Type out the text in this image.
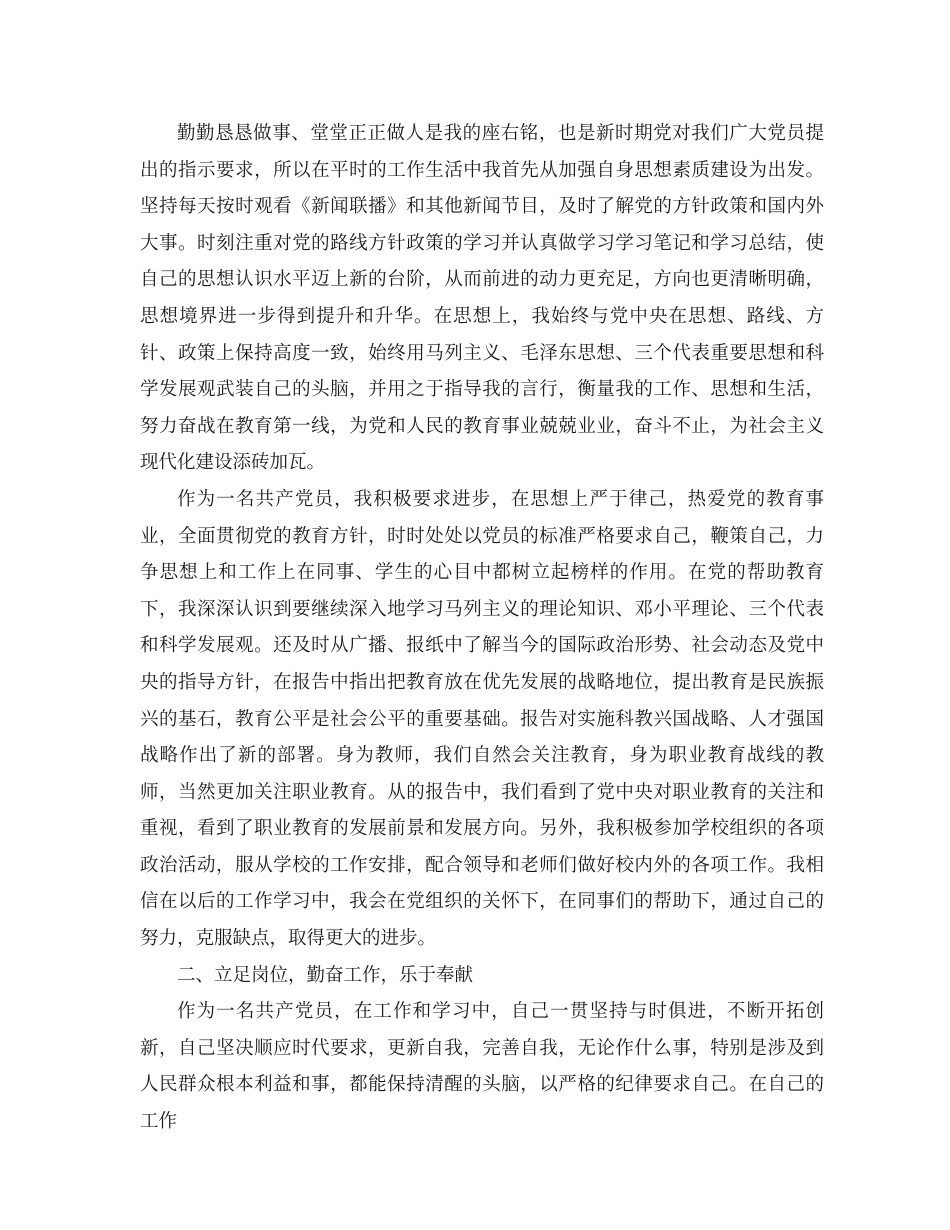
勤勤恳恳做事、堂堂正正做人是我的座右铭，也是新时期党对我们广大党员提出的指示要求，所以在平时的工作生活中我首先从加强自身思想素质建设为出发。坚持每天按时观看《新闻联播》和其他新闻节目，及时了解党的方针政策和国内外大事。时刻注重对党的路线方针政策的学习并认真做学习学习笔记和学习总结，使自己的思想认识水平迈上新的台阶，从而前进的动力更充足，方向也更清晰明确，思想境界进一步得到提升和升华。在思想上，我始终与党中央在思想、路线、方针、政策上保持高度一致，始终用马列主义、毛泽东思想、三个代表重要思想和科学发展观武装自己的头脑，并用之于指导我的言行，衡量我的工作、思想和生活，努力奋战在教育第一线，为党和人民的教育事业兢兢业业，奋斗不止，为社会主义现代化建设添砖加瓦。

作为一名共产党员，我积极要求进步，在思想上严于律己，热爱党的教育事业，全面贯彻党的教育方针，时时处处以党员的标准严格要求自己，鞭策自己，力争思想上和工作上在同事、学生的心目中都树立起榜样的作用。在党的帮助教育下，我深深认识到要继续深入地学习马列主义的理论知识、邓小平理论、三个代表和科学发展观。还及时从广播、报纸中了解当今的国际政治形势、社会动态及党中央的指导方针，在报告中指出把教育放在优先发展的战略地位，提出教育是民族振兴的基石，教育公平是社会公平的重要基础。报告对实施科教兴国战略、人才强国战略作出了新的部署。身为教师，我们自然会关注教育，身为职业教育战线的教师，当然更加关注职业教育。从的报告中，我们看到了党中央对职业教育的关注和重视，看到了职业教育的发展前景和发展方向。另外，我积极参加学校组织的各项政治活动，服从学校的工作安排，配合领导和老师们做好校内外的各项工作。我相信在以后的工作学习中，我会在党组织的关怀下，在同事们的帮助下，通过自己的努力，克服缺点，取得更大的进步。

二、立足岗位，勤奋工作，乐于奉献

作为一名共产党员，在工作和学习中，自己一贯坚持与时俱进，不断开拓创新，自己坚决顺应时代要求，更新自我，完善自我，无论作什么事，特别是涉及到人民群众根本利益和事，都能保持清醒的头脑，以严格的纪律要求自己。在自己的工作
